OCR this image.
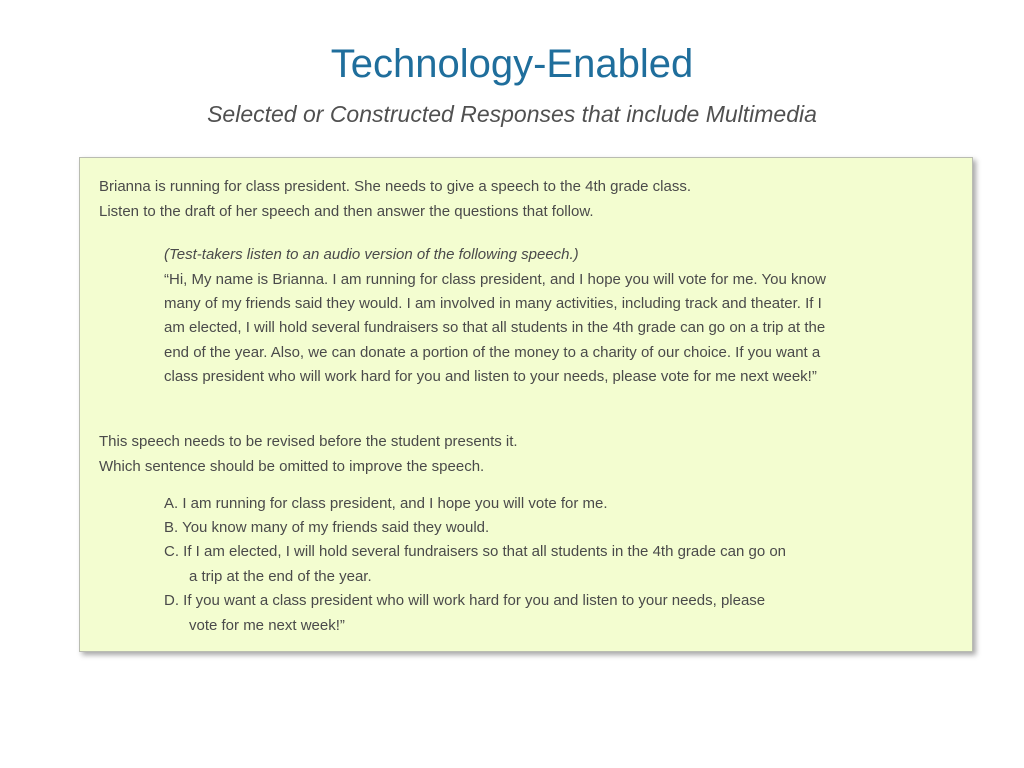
Technology-Enabled
Selected or Constructed Responses that include Multimedia
Brianna is running for class president. She needs to give a speech to the 4th grade class.
Listen to the draft of her speech and then answer the questions that follow.
(Test-takers listen to an audio version of the following speech.)
“Hi, My name is Brianna. I am running for class president, and I hope you will vote for me. You know
many of my friends said they would. I am involved in many activities, including track and theater. If I
am elected, I will hold several fundraisers so that all students in the 4th grade can go on a trip at the
end of the year. Also, we can donate a portion of the money to a charity of our choice. If you want a
class president who will work hard for you and listen to your needs, please vote for me next week!”
This speech needs to be revised before the student presents it.
Which sentence should be omitted to improve the speech.
A. I am running for class president, and I hope you will vote for me.
B. You know many of my friends said they would.
C. If I am elected, I will hold several fundraisers so that all students in the 4th grade can go on
a trip at the end of the year.
D. If you want a class president who will work hard for you and listen to your needs, please
vote for me next week!”
